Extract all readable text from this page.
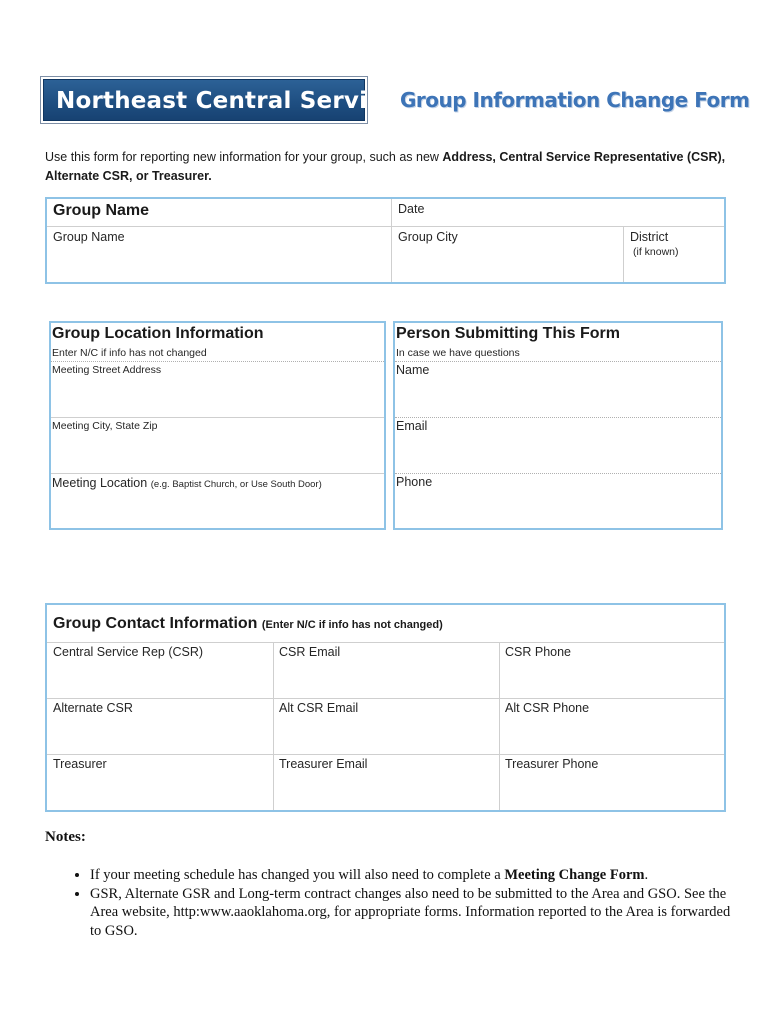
Northeast Central Service Group Information Change Form
Use this form for reporting new information for your group, such as new Address, Central Service Representative (CSR), Alternate CSR, or Treasurer.
Group Name	Date
Group Name	Group City	District
(if known)
Group Location Information
Enter N/C if info has not changed
Meeting Street Address
Meeting City, State Zip
Meeting Location (e.g. Baptist Church, or Use South Door)
Person Submitting This Form
In case we have questions
Name
Email
Phone
Group Contact Information (Enter N/C if info has not changed)
Central Service Rep (CSR)	CSR Email	CSR Phone
Alternate CSR	Alt CSR Email	Alt CSR Phone
Treasurer	Treasurer Email	Treasurer Phone
Notes:
• If your meeting schedule has changed you will also need to complete a Meeting Change Form.
• GSR, Alternate GSR and Long-term contract changes also need to be submitted to the Area and GSO. See the Area website, http:www.aaoklahoma.org, for appropriate forms. Information reported to the Area is forwarded to GSO.
